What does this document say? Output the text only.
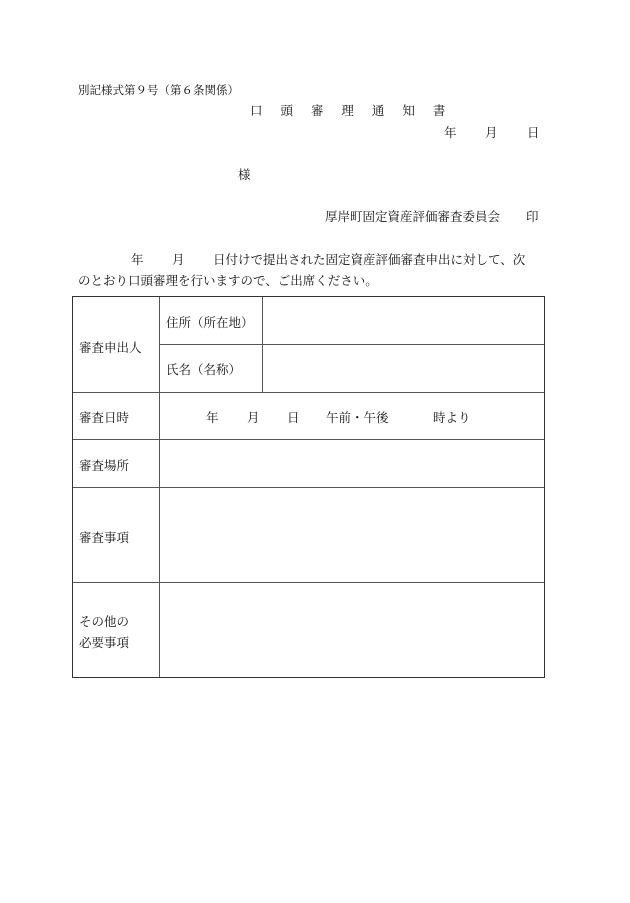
別記様式第９号（第６条関係）
口 頭 審 理 通 知 書
年 月 日
様
厚岸町固定資産評価審査委員会 印
年 月 日付けで提出された固定資産評価審査申出に対して、次
のとおり口頭審理を行いますので、ご出席ください。
審査申出人
住所（所在地）
氏名（名称）
審査日時	年 月 日 午前・午後	時より
審査場所
審査事項
その他の
必要事項
